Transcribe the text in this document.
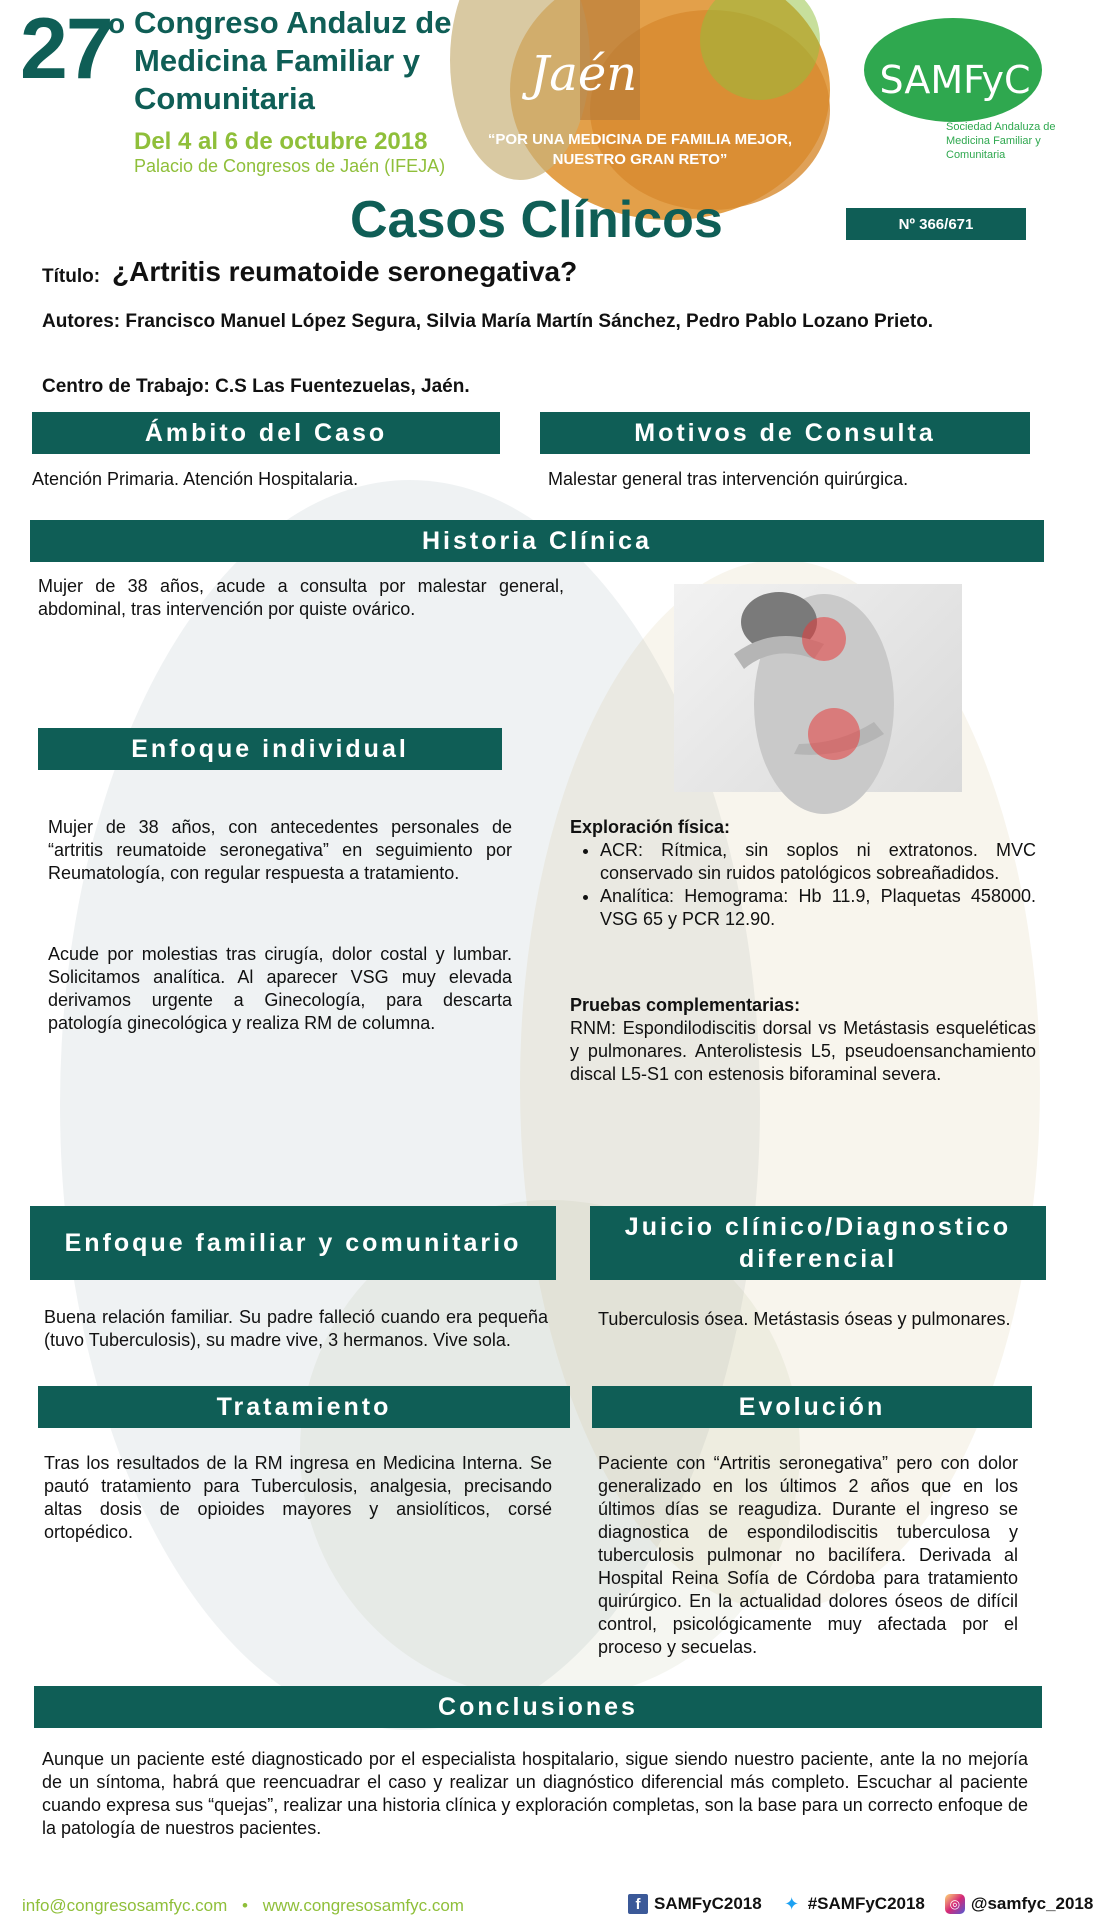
27
o Congreso Andaluz de Medicina Familiar y Comunitaria
Del 4 al 6 de octubre 2018
Palacio de Congresos de Jaén (IFEJA)
Jaén
“POR UNA MEDICINA DE FAMILIA MEJOR, NUESTRO GRAN RETO”
SAMFyC
Sociedad Andaluza de Medicina Familiar y Comunitaria
Casos Clínicos	Nº 366/671
Título: ¿Artritis reumatoide seronegativa?
Autores: Francisco Manuel López Segura, Silvia María Martín Sánchez, Pedro Pablo Lozano Prieto.
Centro de Trabajo: C.S Las Fuentezuelas, Jaén.
Ámbito del Caso
Atención Primaria. Atención Hospitalaria.
Motivos de Consulta
Malestar general tras intervención quirúrgica.
Historia Clínica
Mujer de 38 años, acude a consulta por malestar general, abdominal, tras intervención por quiste ovárico.
Enfoque individual
Mujer de 38 años, con antecedentes personales de “artritis reumatoide seronegativa” en seguimiento por Reumatología, con regular respuesta a tratamiento.
Acude por molestias tras cirugía, dolor costal y lumbar. Solicitamos analítica. Al aparecer VSG muy elevada derivamos urgente a Ginecología, para descarta patología ginecológica y realiza RM de columna.
Exploración física:
• ACR: Rítmica, sin soplos ni extratonos. MVC conservado sin ruidos patológicos sobreañadidos.
• Analítica: Hemograma: Hb 11.9, Plaquetas 458000. VSG 65 y PCR 12.90.
Pruebas complementarias:
RNM: Espondilodiscitis dorsal vs Metástasis esqueléticas y pulmonares. Anterolistesis L5, pseudoensanchamiento discal L5-S1 con estenosis biforaminal severa.
Enfoque familiar y comunitario
Buena relación familiar. Su padre falleció cuando era pequeña (tuvo Tuberculosis), su madre vive, 3 hermanos. Vive sola.
Juicio clínico/Diagnostico diferencial
Tuberculosis ósea. Metástasis óseas y pulmonares.
Tratamiento
Tras los resultados de la RM ingresa en Medicina Interna. Se pautó tratamiento para Tuberculosis, analgesia, precisando altas dosis de opioides mayores y ansiolíticos, corsé ortopédico.
Evolución
Paciente con “Artritis seronegativa” pero con dolor generalizado en los últimos 2 años que en los últimos días se reagudiza. Durante el ingreso se diagnostica de espondilodiscitis tuberculosa y tuberculosis pulmonar no bacilífera. Derivada al Hospital Reina Sofía de Córdoba para tratamiento quirúrgico. En la actualidad dolores óseos de difícil control, psicológicamente muy afectada por el proceso y secuelas.
Conclusiones
Aunque un paciente esté diagnosticado por el especialista hospitalario, sigue siendo nuestro paciente, ante la no mejoría de un síntoma, habrá que reencuadrar el caso y realizar un diagnóstico diferencial más completo. Escuchar al paciente cuando expresa sus “quejas”, realizar una historia clínica y exploración completas, son la base para un correcto enfoque de la patología de nuestros pacientes.
info@congresosamfyc.com • www.congresosamfyc.com	f SAMFyC2018 ✦ #SAMFyC2018	◎ @samfyc_2018
